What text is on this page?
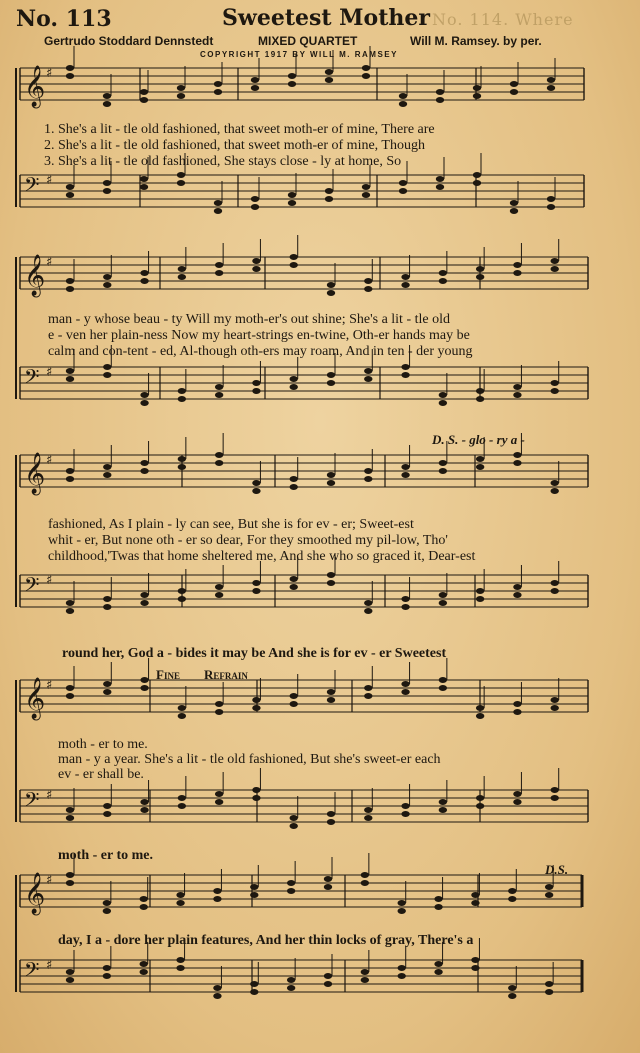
No. 113	Sweetest Mother No. 114. Where
Gertrudo Stoddard Dennstedt	MIXED QUARTET	Will M. Ramsey. by per.
COPYRIGHT 1917 BY WILL M. RAMSEY
𝄞 ♯
𝄢 ♯
𝄞 ♯
𝄢 ♯
𝄞 ♯
𝄢 ♯
𝄞 ♯
𝄢 ♯
𝄞 ♯
𝄢 ♯
1. She's a lit - tle old fashioned, that sweet moth-er of mine, There are
2. She's a lit - tle old fashioned, that sweet moth-er of mine, Though
3. She's a lit - tle old fashioned, She stays close - ly at home, So
man - y whose beau - ty Will my moth-er's out shine; She's a lit - tle old
e - ven her plain-ness Now my heart-strings en-twine, Oth-er hands may be
calm and con-tent - ed, Al-though oth-ers may roam, And in ten - der young
D. S. - glo - ry a -
fashioned, As I plain - ly can see, But she is for ev - er; Sweet-est
whit - er, But none oth - er so dear, For they smoothed my pil-low, Tho'
childhood,'Twas that home sheltered me, And she who so graced it, Dear-est
round her, God a - bides it may be And she is for ev - er Sweetest
Fine Refrain
moth - er to me.
man - y a year. She's a lit - tle old fashioned, But she's sweet-er each
ev - er shall be.
moth - er to me.
D.S.
day, I a - dore her plain features, And her thin locks of gray, There's a
